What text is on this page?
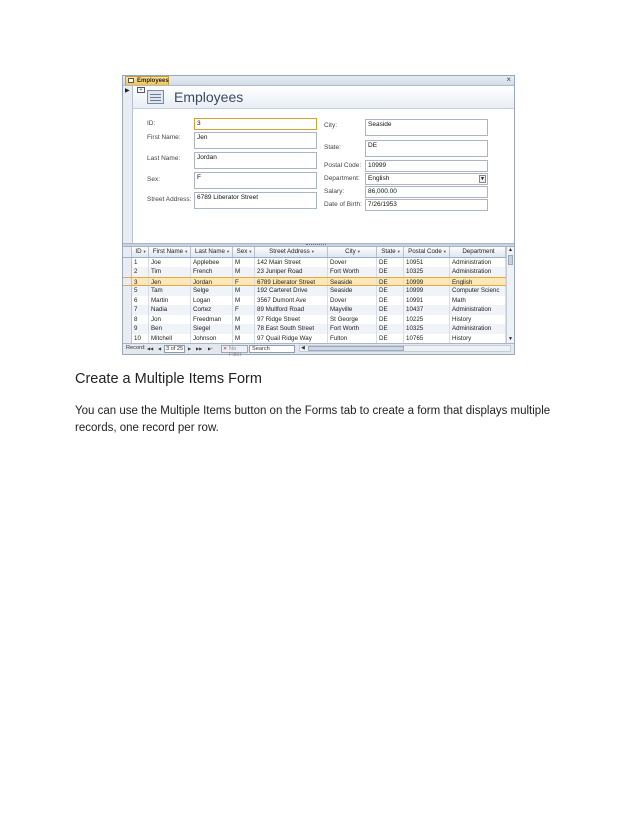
Employees	×
▶	+ Employees
ID:	3
First Name:	Jen
Last Name:	Jordan
Sex:	F
Street Address: 6789 Liberator Street
City:	Seaside
State:	DE
Postal Code:	10999
Department:	English	▼
Salary:	86,000.00
Date of Birth: 7/26/1953
ID ▼	First Name ▼	Last Name ▼	Sex ▼	Street Address ▼	City ▼	State ▼	Postal Code ▼	Department
1	Joe	Applebee	M	142 Main Street	Dover	DE	10951	Administration
2	Tim	French	M	23 Juniper Road	Fort Worth	DE	10325	Administration
3	Jen	Jordan	F	6789 Liberator Street	Seaside	DE	10999	English
5	Tam	Selge	M	192 Carteret Drive	Seaside	DE	10999	Computer Scienc
6	Martin	Logan	M	3567 Dumont Ave	Dover	DE	10991	Math
7	Nadia	Cortez	F	89 Mullford Road	Mayville	DE	10437	Administration
8	Jon	Freedman	M	97 Ridge Street	St George	DE	10225	History
9	Ben	Siegel	M	78 East South Street	Fort Worth	DE	10325	Administration
10	Mitchell	Johnson	M	97 Quail Ridge Way	Fulton	DE	10765	History
▲
▼
Record: ◀◀ ◀ 3 of 25	▶ ▶▶ ▶* ✕ No Filter
Search	◀
Create a Multiple Items Form
You can use the Multiple Items button on the Forms tab to create a form that displays multiple records, one record per row.
